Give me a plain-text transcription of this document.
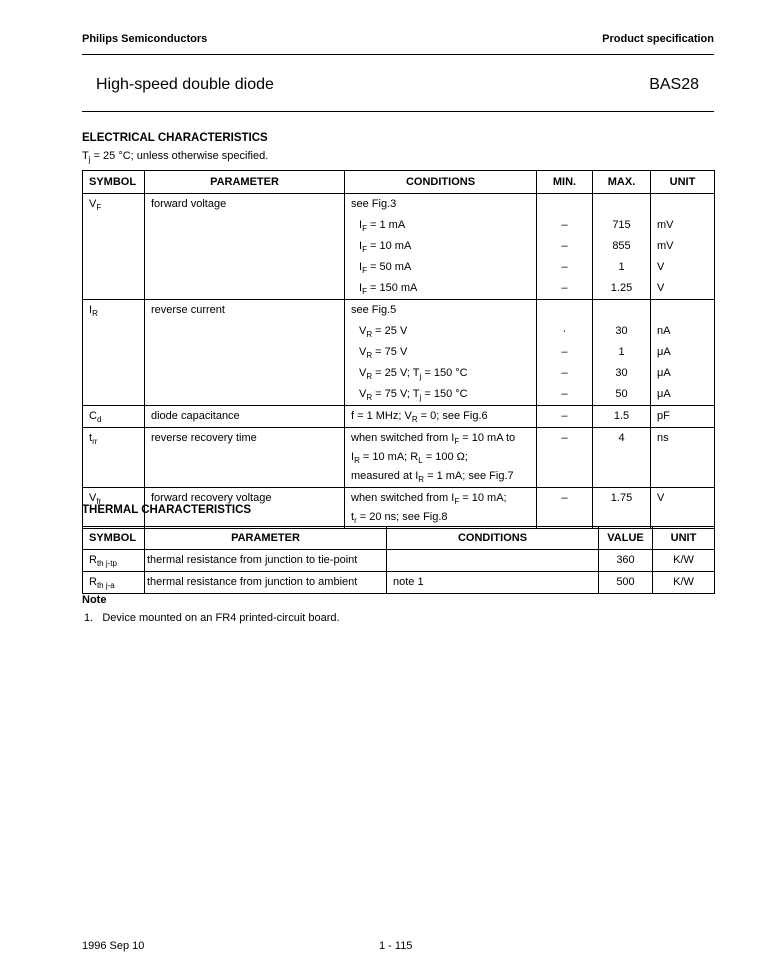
Philips Semiconductors	Product specification
High-speed double diode	BAS28
ELECTRICAL CHARACTERISTICS
$T_j = 25$ °C; unless otherwise specified.
SYMBOL	PARAMETER	CONDITIONS	MIN.	MAX.	UNIT
$V_F$	forward voltage	see Fig.3			
		$I_F = 1$ mA	–	715	mV
		$I_F = 10$ mA	–	855	mV
		$I_F = 50$ mA	–	1	V
		$I_F = 150$ mA	–	1.25	V
$I_R$	reverse current	see Fig.5			
		$V_R = 25$ V	·	30	nA
		$V_R = 75$ V	–	1	μA
		$V_R = 25$ V; $T_j = 150$ °C	–	30	μA
		$V_R = 75$ V; $T_j = 150$ °C	–	50	μA
$C_d$	diode capacitance	f = 1 MHz; $V_R = 0$; see Fig.6	–	1.5	pF
$t_{rr}$	reverse recovery time	when switched from $I_F = 10$ mA to
$I_R = 10$ mA; $R_L = 100$ Ω;
measured at $I_R = 1$ mA; see Fig.7	–	4	ns
$V_{fr}$	forward recovery voltage	when switched from $I_F = 10$ mA;
$t_r = 20$ ns; see Fig.8	–	1.75	V
THERMAL CHARACTERISTICS
SYMBOL	PARAMETER	CONDITIONS	VALUE	UNIT
$R_{th j-tp}$	thermal resistance from junction to tie-point		360	K/W
$R_{th j-a}$	thermal resistance from junction to ambient	note 1	500	K/W
Note
1.   Device mounted on an FR4 printed-circuit board.
1996 Sep 10	1 - 115
